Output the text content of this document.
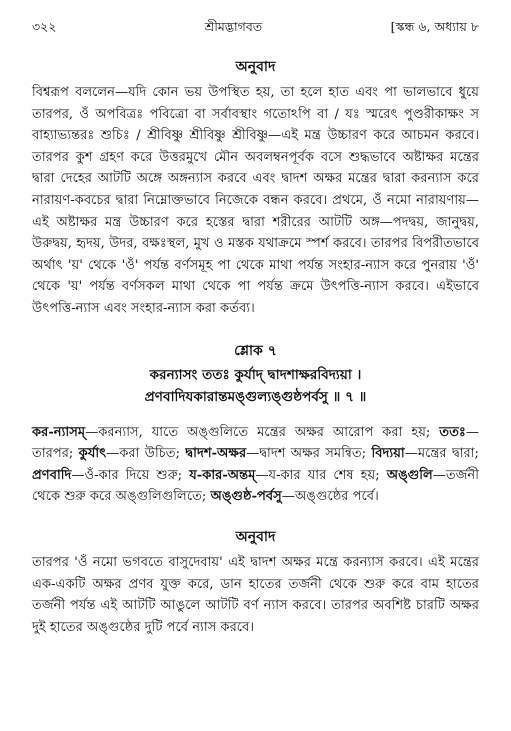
৩২২	শ্রীমদ্ভাগবত	[স্কন্ধ ৬, অধ্যায় ৮
অনুবাদ

বিশ্বরূপ বললেন—যদি কোন ভয় উপস্থিত হয়, তা হলে হাত এবং পা ভালভাবে ধুয়ে তারপর, ওঁ অপবিত্রঃ পবিত্রো বা সর্বাবস্থাং গতোঽপি বা / যঃ স্মরেৎ পুণ্ডরীকাক্ষং স বাহ্যাভ্যন্তরঃ শুচিঃ / শ্রীবিষ্ণু শ্রীবিষ্ণু শ্রীবিষ্ণু—এই মন্ত্র উচ্চারণ করে আচমন করবে। তারপর কুশ গ্রহণ করে উত্তরমুখে মৌন অবলম্বনপূর্বক বসে শুদ্ধভাবে অষ্টাক্ষর মন্ত্রের দ্বারা দেহের আটটি অঙ্গে অঙ্গন্যাস করবে এবং দ্বাদশ অক্ষর মন্ত্রের দ্বারা করন্যাস করে নারায়ণ-কবচের দ্বারা নিম্নোক্তভাবে নিজেকে বন্ধন করবে। প্রথমে, ওঁ নমো নারায়ণায়—এই অষ্টাক্ষর মন্ত্র উচ্চারণ করে হস্তের দ্বারা শরীরের আটটি অঙ্গ—পদদ্বয়, জানুদ্বয়, উরুদ্বয়, হৃদয়, উদর, বক্ষঃস্থল, মুখ ও মস্তক যথাক্রমে স্পর্শ করবে। তারপর বিপরীতভাবে অর্থাৎ 'য়' থেকে 'ওঁ' পর্যন্ত বর্ণসমূহ পা থেকে মাথা পর্যন্ত সংহার-ন্যাস করে পুনরায় 'ওঁ' থেকে 'য়' পর্যন্ত বর্ণসকল মাথা থেকে পা পর্যন্ত ক্রমে উৎপত্তি-ন্যাস করবে। এইভাবে উৎপত্তি-ন্যাস এবং সংহার-ন্যাস করা কর্তব্য।

শ্লোক ৭
করন্যাসং ততঃ কুর্যাদ্ দ্বাদশাক্ষরবিদ্যয়া ।
প্রণবাদিযকারান্তমঙ্গুল্যঙ্গুষ্ঠপর্বসু ॥ ৭ ॥

কর-ন্যাসম্—করন্যাস, যাতে অঙ্গুলিতে মন্ত্রের অক্ষর আরোপ করা হয়; ততঃ—তারপর; কুর্যাৎ—করা উচিত; দ্বাদশ-অক্ষর—দ্বাদশ অক্ষর সমন্বিত; বিদ্যয়া—মন্ত্রের দ্বারা; প্রণবাদি—ওঁ-কার দিয়ে শুরু; য-কার-অন্তম্—য-কার যার শেষ হয়; অঙ্গুলি—তর্জনী থেকে শুরু করে অঙ্গুলিগুলিতে; অঙ্গুষ্ঠ-পর্বসু—অঙ্গুষ্ঠের পর্বে।

অনুবাদ

তারপর 'ওঁ নমো ভগবতে বাসুদেবায়' এই দ্বাদশ অক্ষর মন্ত্রে করন্যাস করবে। এই মন্ত্রের এক-একটি অক্ষর প্রণব যুক্ত করে, ডান হাতের তর্জনী থেকে শুরু করে বাম হাতের তর্জনী পর্যন্ত এই আটটি আঙুলে আটটি বর্ণ ন্যাস করবে। তারপর অবশিষ্ট চারটি অক্ষর দুই হাতের অঙ্গুষ্ঠের দুটি পর্বে ন্যাস করবে।
